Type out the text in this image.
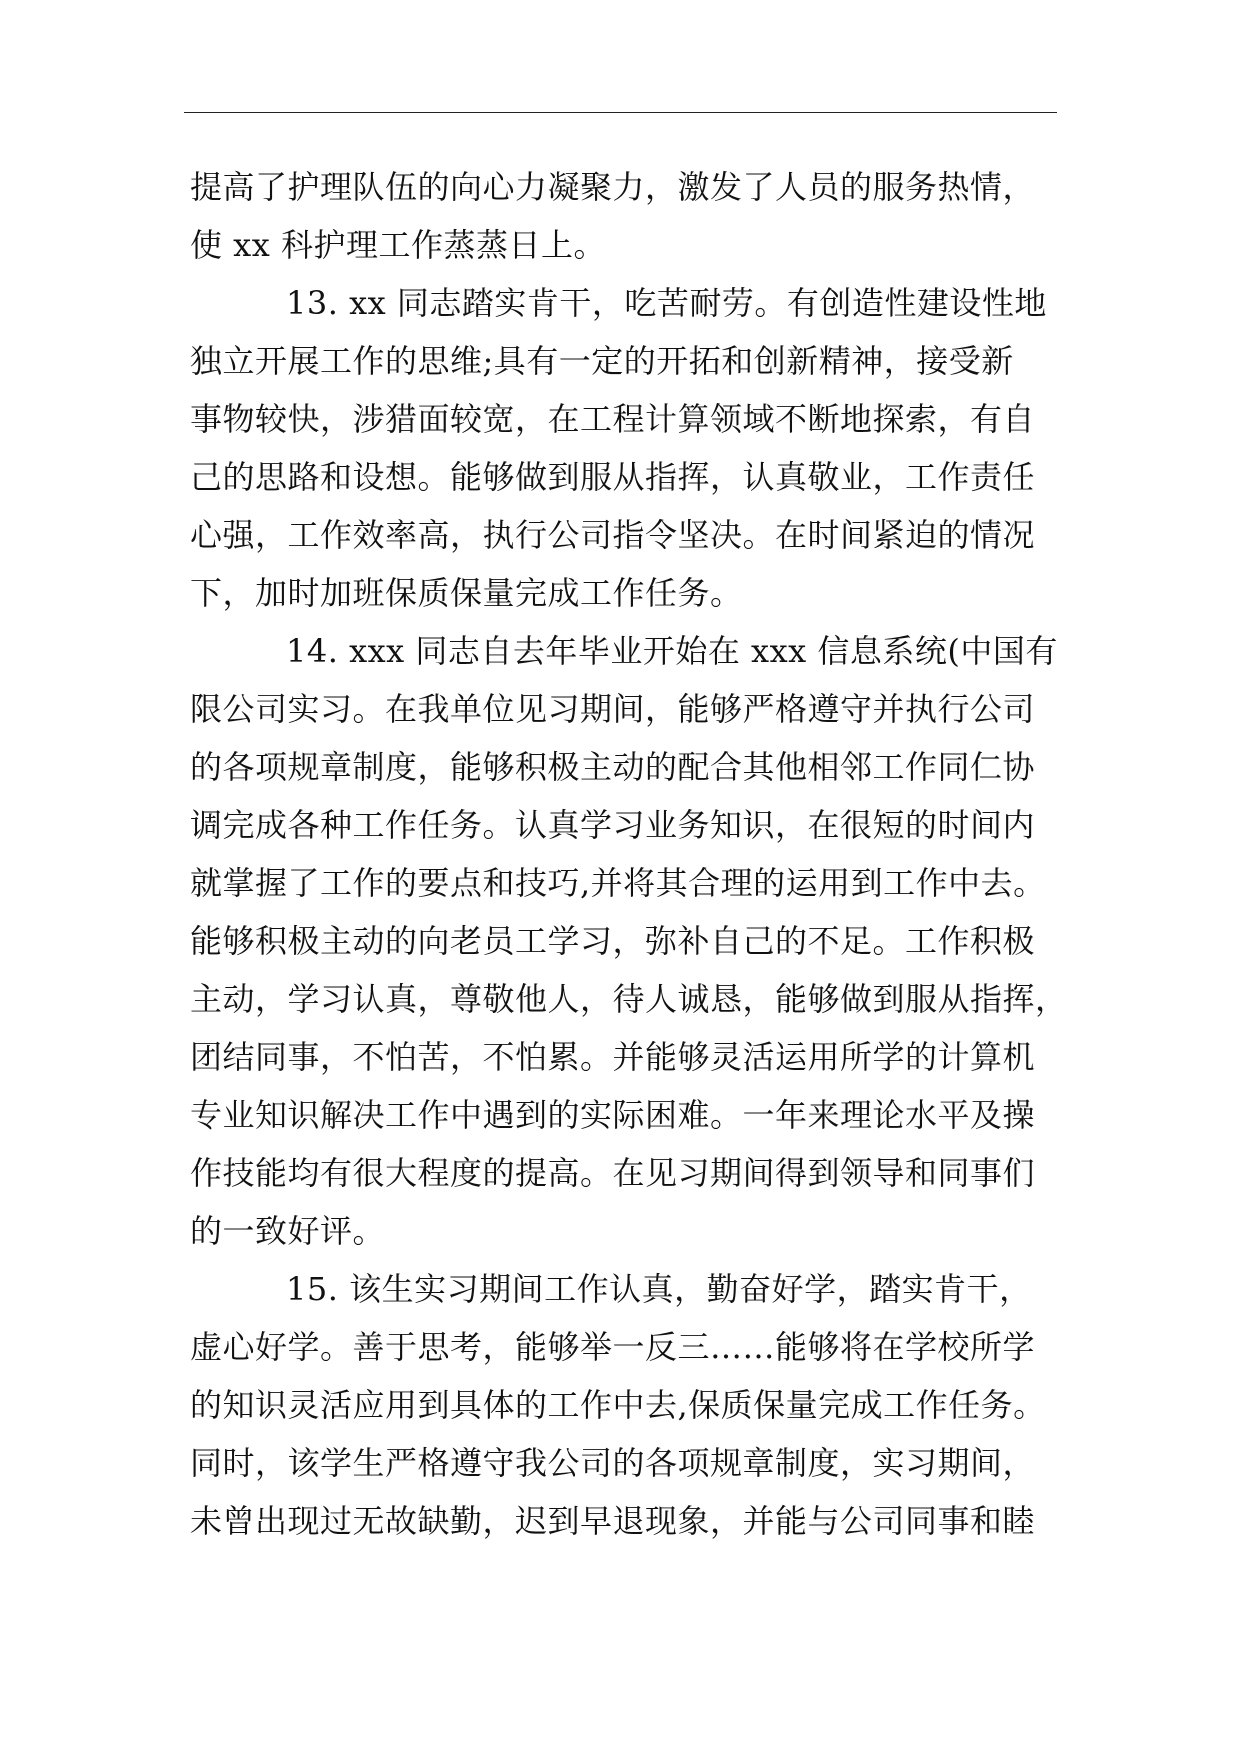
提高了护理队伍的向心力凝聚力，激发了人员的服务热情，
使 xx 科护理工作蒸蒸日上。
13. xx 同志踏实肯干，吃苦耐劳。有创造性建设性地
独立开展工作的思维;具有一定的开拓和创新精神，接受新
事物较快，涉猎面较宽，在工程计算领域不断地探索，有自
己的思路和设想。能够做到服从指挥，认真敬业，工作责任
心强，工作效率高，执行公司指令坚决。在时间紧迫的情况
下，加时加班保质保量完成工作任务。
14. xxx 同志自去年毕业开始在 xxx 信息系统(中国有
限公司实习。在我单位见习期间，能够严格遵守并执行公司
的各项规章制度，能够积极主动的配合其他相邻工作同仁协
调完成各种工作任务。认真学习业务知识，在很短的时间内
就掌握了工作的要点和技巧,并将其合理的运用到工作中去。
能够积极主动的向老员工学习，弥补自己的不足。工作积极
主动，学习认真，尊敬他人，待人诚恳，能够做到服从指挥，
团结同事，不怕苦，不怕累。并能够灵活运用所学的计算机
专业知识解决工作中遇到的实际困难。一年来理论水平及操
作技能均有很大程度的提高。在见习期间得到领导和同事们
的一致好评。
15. 该生实习期间工作认真，勤奋好学，踏实肯干，
虚心好学。善于思考，能够举一反三……能够将在学校所学
的知识灵活应用到具体的工作中去,保质保量完成工作任务。
同时，该学生严格遵守我公司的各项规章制度，实习期间，
未曾出现过无故缺勤，迟到早退现象，并能与公司同事和睦
